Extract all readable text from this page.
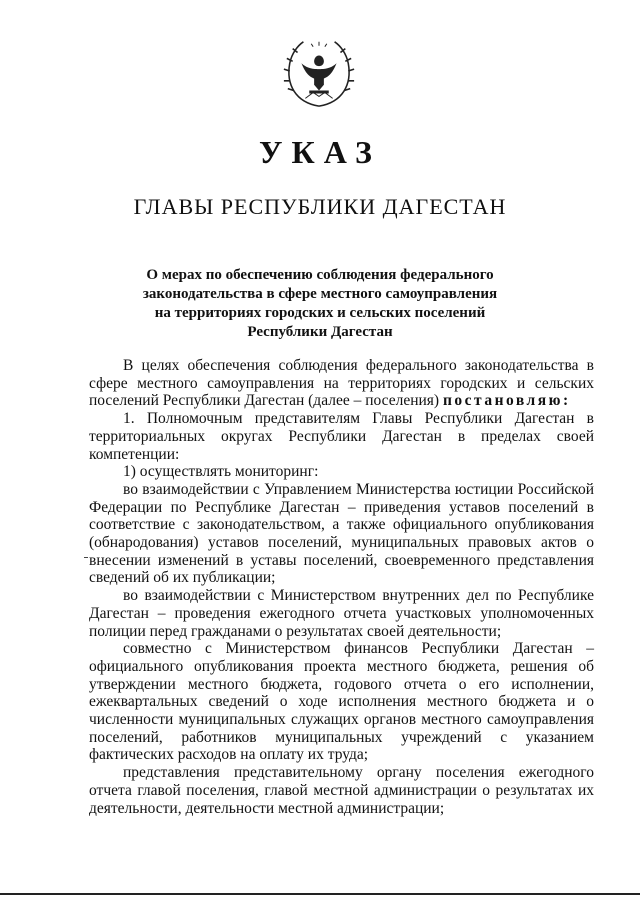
УКАЗ
ГЛАВЫ РЕСПУБЛИКИ ДАГЕСТАН
О мерах по обеспечению соблюдения федерального
законодательства в сфере местного самоуправления
на территориях городских и сельских поселений
Республики Дагестан

В целях обеспечения соблюдения федерального законодательства в сфере местного самоуправления на территориях городских и сельских поселений Республики Дагестан (далее – поселения) постановляю:

1. Полномочным представителям Главы Республики Дагестан в территориальных округах Республики Дагестан в пределах своей компетенции:

1) осуществлять мониторинг:

во взаимодействии с Управлением Министерства юстиции Российской Федерации по Республике Дагестан – приведения уставов поселений в соответствие с законодательством, а также официального опубликования (обнародования) уставов поселений, муниципальных правовых актов о внесении изменений в уставы поселений, своевременного представления сведений об их публикации;

во взаимодействии с Министерством внутренних дел по Республике Дагестан – проведения ежегодного отчета участковых уполномоченных полиции перед гражданами о результатах своей деятельности;

совместно с Министерством финансов Республики Дагестан – официального опубликования проекта местного бюджета, решения об утверждении местного бюджета, годового отчета о его исполнении, ежеквартальных сведений о ходе исполнения местного бюджета и о численности муниципальных служащих органов местного самоуправления поселений, работников муниципальных учреждений с указанием фактических расходов на оплату их труда;

представления представительному органу поселения ежегодного отчета главой поселения, главой местной администрации о результатах их деятельности, деятельности местной администрации;
